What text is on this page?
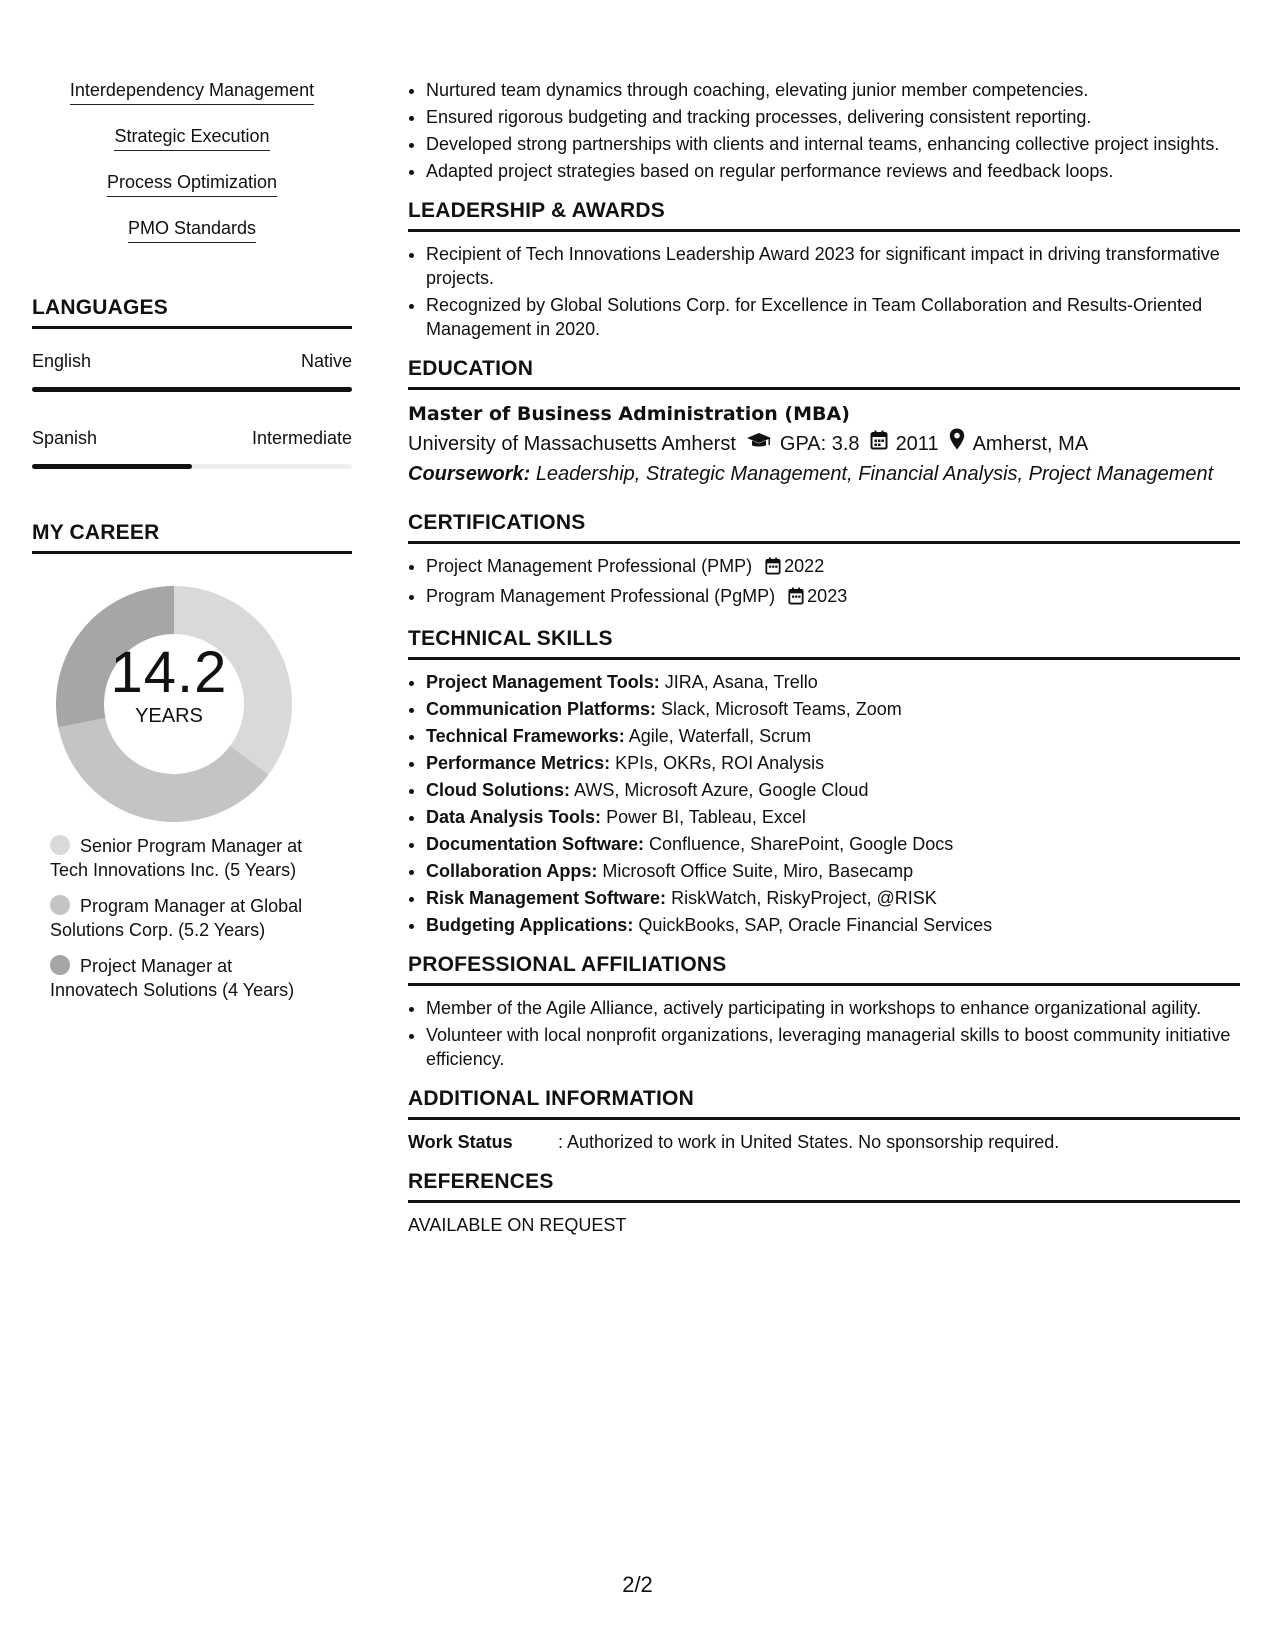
Interdependency Management
Strategic Execution
Process Optimization
PMO Standards
LANGUAGES
English	Native
Spanish	Intermediate
MY CAREER
14.2
YEARS
Senior Program Manager at Tech Innovations Inc. (5 Years)
Program Manager at Global Solutions Corp. (5.2 Years)
Project Manager at Innovatech Solutions (4 Years)
• Nurtured team dynamics through coaching, elevating junior member competencies.
• Ensured rigorous budgeting and tracking processes, delivering consistent reporting.
• Developed strong partnerships with clients and internal teams, enhancing collective project insights.
• Adapted project strategies based on regular performance reviews and feedback loops.
LEADERSHIP & AWARDS
• Recipient of Tech Innovations Leadership Award 2023 for significant impact in driving transformative projects.
• Recognized by Global Solutions Corp. for Excellence in Team Collaboration and Results-Oriented Management in 2020.
EDUCATION
Master of Business Administration (MBA)
University of Massachusetts Amherst GPA: 3.8 2011 Amherst, MA
Coursework: Leadership, Strategic Management, Financial Analysis, Project Management
CERTIFICATIONS
• Project Management Professional (PMP) 2022
• Program Management Professional (PgMP) 2023
TECHNICAL SKILLS
• Project Management Tools: JIRA, Asana, Trello
• Communication Platforms: Slack, Microsoft Teams, Zoom
• Technical Frameworks: Agile, Waterfall, Scrum
• Performance Metrics: KPIs, OKRs, ROI Analysis
• Cloud Solutions: AWS, Microsoft Azure, Google Cloud
• Data Analysis Tools: Power BI, Tableau, Excel
• Documentation Software: Confluence, SharePoint, Google Docs
• Collaboration Apps: Microsoft Office Suite, Miro, Basecamp
• Risk Management Software: RiskWatch, RiskyProject, @RISK
• Budgeting Applications: QuickBooks, SAP, Oracle Financial Services
PROFESSIONAL AFFILIATIONS
• Member of the Agile Alliance, actively participating in workshops to enhance organizational agility.
• Volunteer with local nonprofit organizations, leveraging managerial skills to boost community initiative efficiency.
ADDITIONAL INFORMATION
Work Status	: Authorized to work in United States. No sponsorship required.
REFERENCES
AVAILABLE ON REQUEST
2/2
